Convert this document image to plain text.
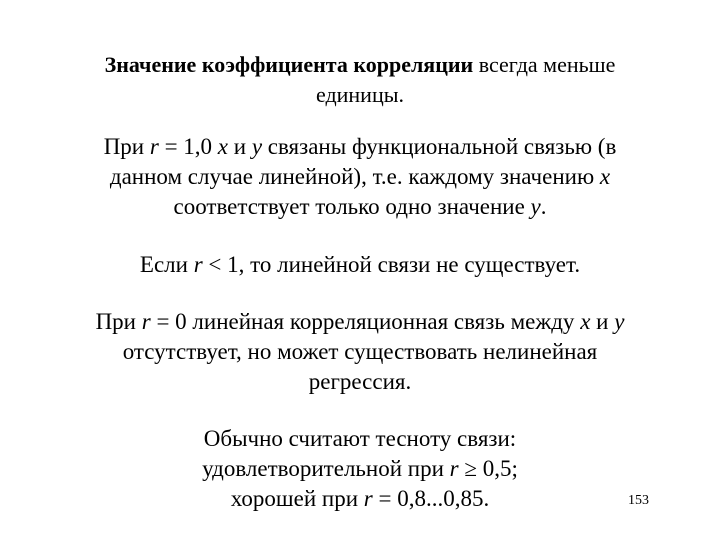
Значение коэффициента корреляции всегда меньше
единицы.
При r = 1,0 x и y связаны функциональной связью (в
данном случае линейной), т.е. каждому значению x
соответствует только одно значение y.
Если r < 1, то линейной связи не существует.
При r = 0 линейная корреляционная связь между x и y
отсутствует, но может существовать нелинейная
регрессия.
Обычно считают тесноту связи:
удовлетворительной при r ≥ 0,5;
хорошей при r = 0,8...0,85.	153
